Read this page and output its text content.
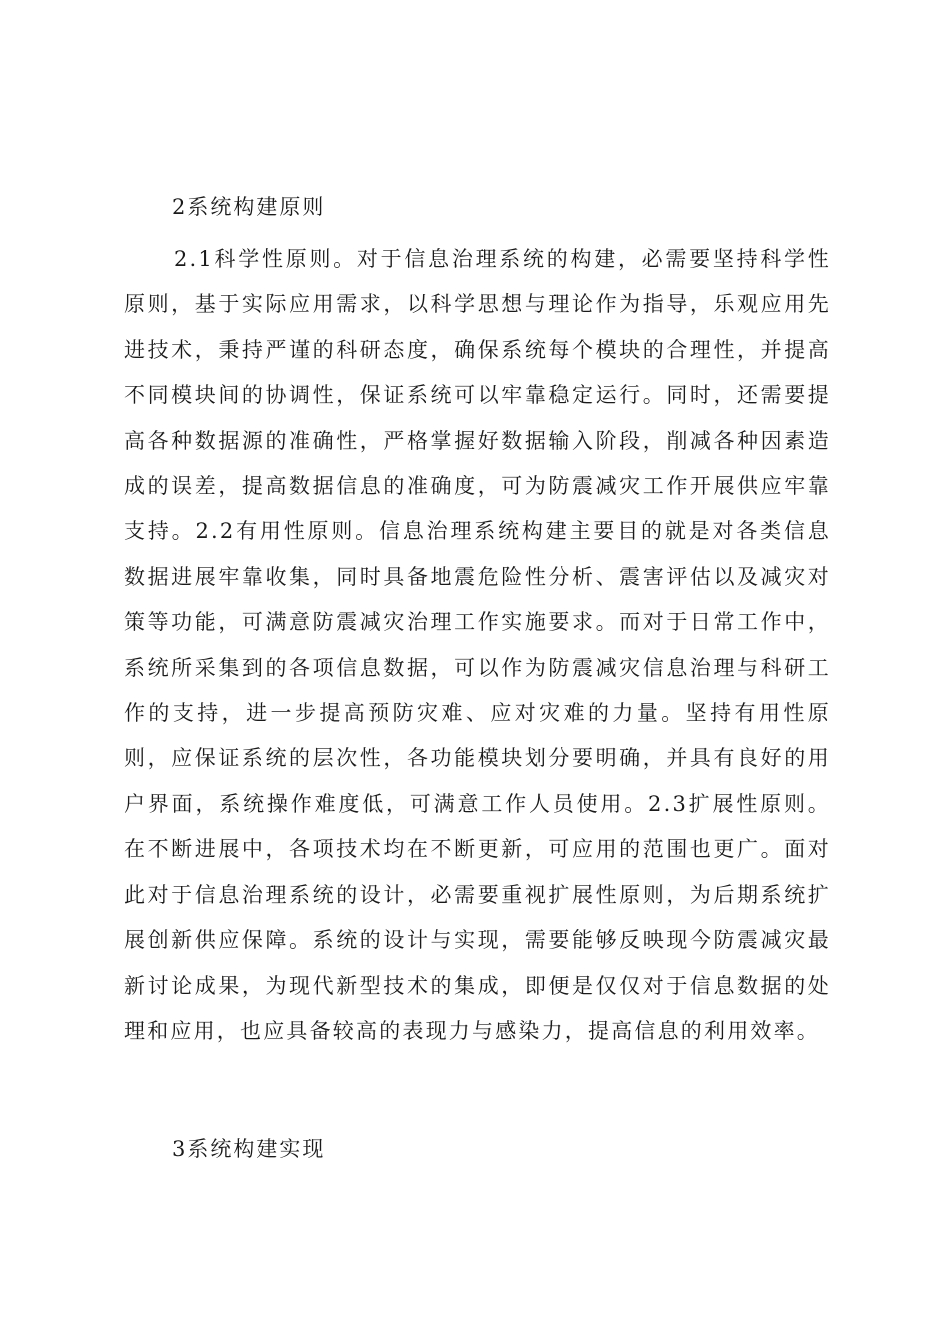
2系统构建原则

2.1科学性原则。对于信息治理系统的构建，必需要坚持科学性原则，基于实际应用需求，以科学思想与理论作为指导，乐观应用先进技术，秉持严谨的科研态度，确保系统每个模块的合理性，并提高不同模块间的协调性，保证系统可以牢靠稳定运行。同时，还需要提高各种数据源的准确性，严格掌握好数据输入阶段，削减各种因素造成的误差，提高数据信息的准确度，可为防震减灾工作开展供应牢靠支持。2.2有用性原则。信息治理系统构建主要目的就是对各类信息数据进展牢靠收集，同时具备地震危险性分析、震害评估以及减灾对策等功能，可满意防震减灾治理工作实施要求。而对于日常工作中，系统所采集到的各项信息数据，可以作为防震减灾信息治理与科研工作的支持，进一步提高预防灾难、应对灾难的力量。坚持有用性原则，应保证系统的层次性，各功能模块划分要明确，并具有良好的用户界面，系统操作难度低，可满意工作人员使用。2.3扩展性原则。在不断进展中，各项技术均在不断更新，可应用的范围也更广。面对此对于信息治理系统的设计，必需要重视扩展性原则，为后期系统扩展创新供应保障。系统的设计与实现，需要能够反映现今防震减灾最新讨论成果，为现代新型技术的集成，即便是仅仅对于信息数据的处理和应用，也应具备较高的表现力与感染力，提高信息的利用效率。

3系统构建实现
